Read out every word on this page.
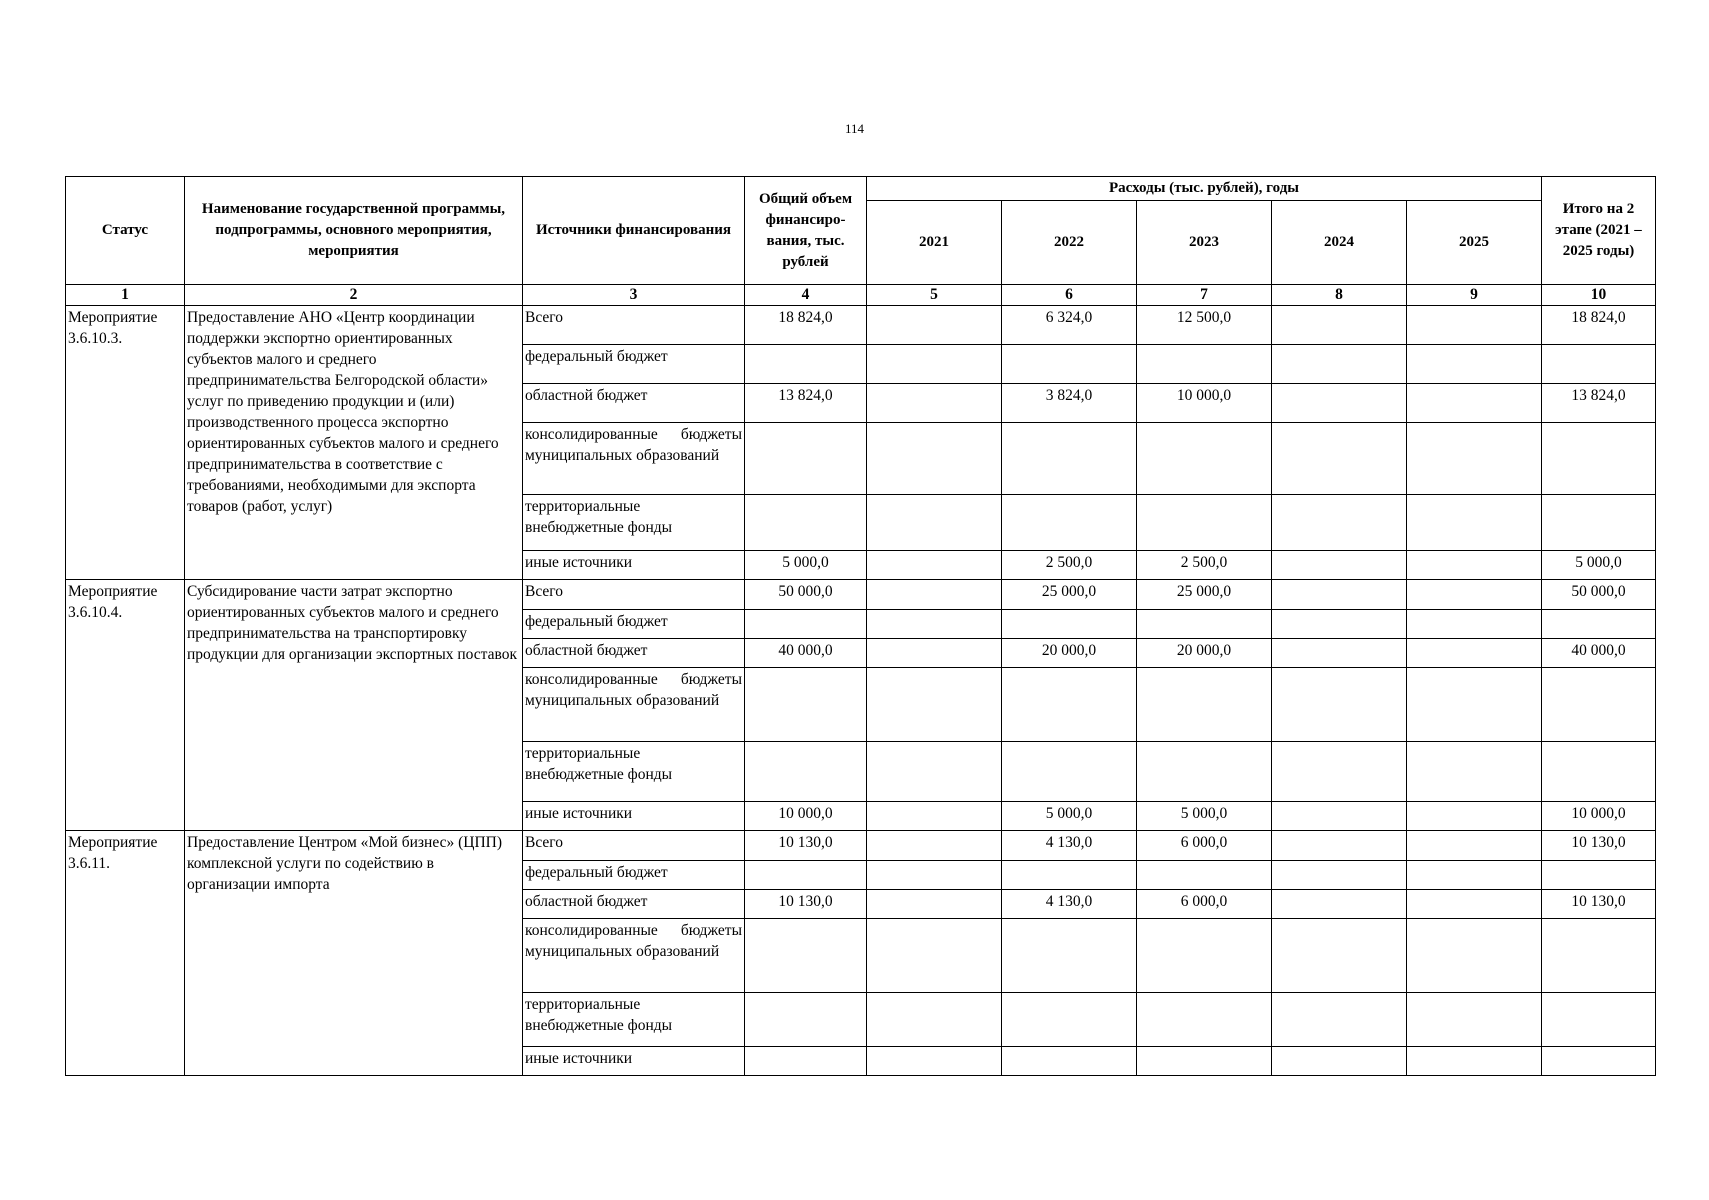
114
Статус	Наименование государственной программы, подпрограммы, основного мероприятия, мероприятия	Источники финансирования	Общий объем финансиро-вания, тыс. рублей	Расходы (тыс. рублей), годы					Итого на 2 этапе (2021 – 2025 годы)
				2021	2022	2023	2024	2025	
1	2	3	4	5	6	7	8	9	10
Мероприятие 3.6.10.3.	Предоставление АНО «Центр координации поддержки экспортно ориентированных субъектов малого и среднего предпринимательства Белгородской области» услуг по приведению продукции и (или) производственного процесса экспортно ориентированных субъектов малого и среднего предпринимательства в соответствие с требованиями, необходимыми для экспорта товаров (работ, услуг)	Всего	18 824,0		6 324,0	12 500,0			18 824,0
		федеральный бюджет							
		областной бюджет	13 824,0		3 824,0	10 000,0			13 824,0
		консолидированные бюджеты муниципальных образований							
		территориальные внебюджетные фонды							
		иные источники	5 000,0		2 500,0	2 500,0			5 000,0
Мероприятие 3.6.10.4.	Субсидирование части затрат экспортно ориентированных субъектов малого и среднего предпринимательства на транспортировку продукции для организации экспортных поставок	Всего	50 000,0		25 000,0	25 000,0			50 000,0
		федеральный бюджет							
		областной бюджет	40 000,0		20 000,0	20 000,0			40 000,0
		консолидированные бюджеты муниципальных образований							
		территориальные внебюджетные фонды							
		иные источники	10 000,0		5 000,0	5 000,0			10 000,0
Мероприятие 3.6.11.	Предоставление Центром «Мой бизнес» (ЦПП) комплексной услуги по содействию в организации импорта	Всего	10 130,0		4 130,0	6 000,0			10 130,0
		федеральный бюджет							
		областной бюджет	10 130,0		4 130,0	6 000,0			10 130,0
		консолидированные бюджеты муниципальных образований							
		территориальные внебюджетные фонды							
		иные источники							
